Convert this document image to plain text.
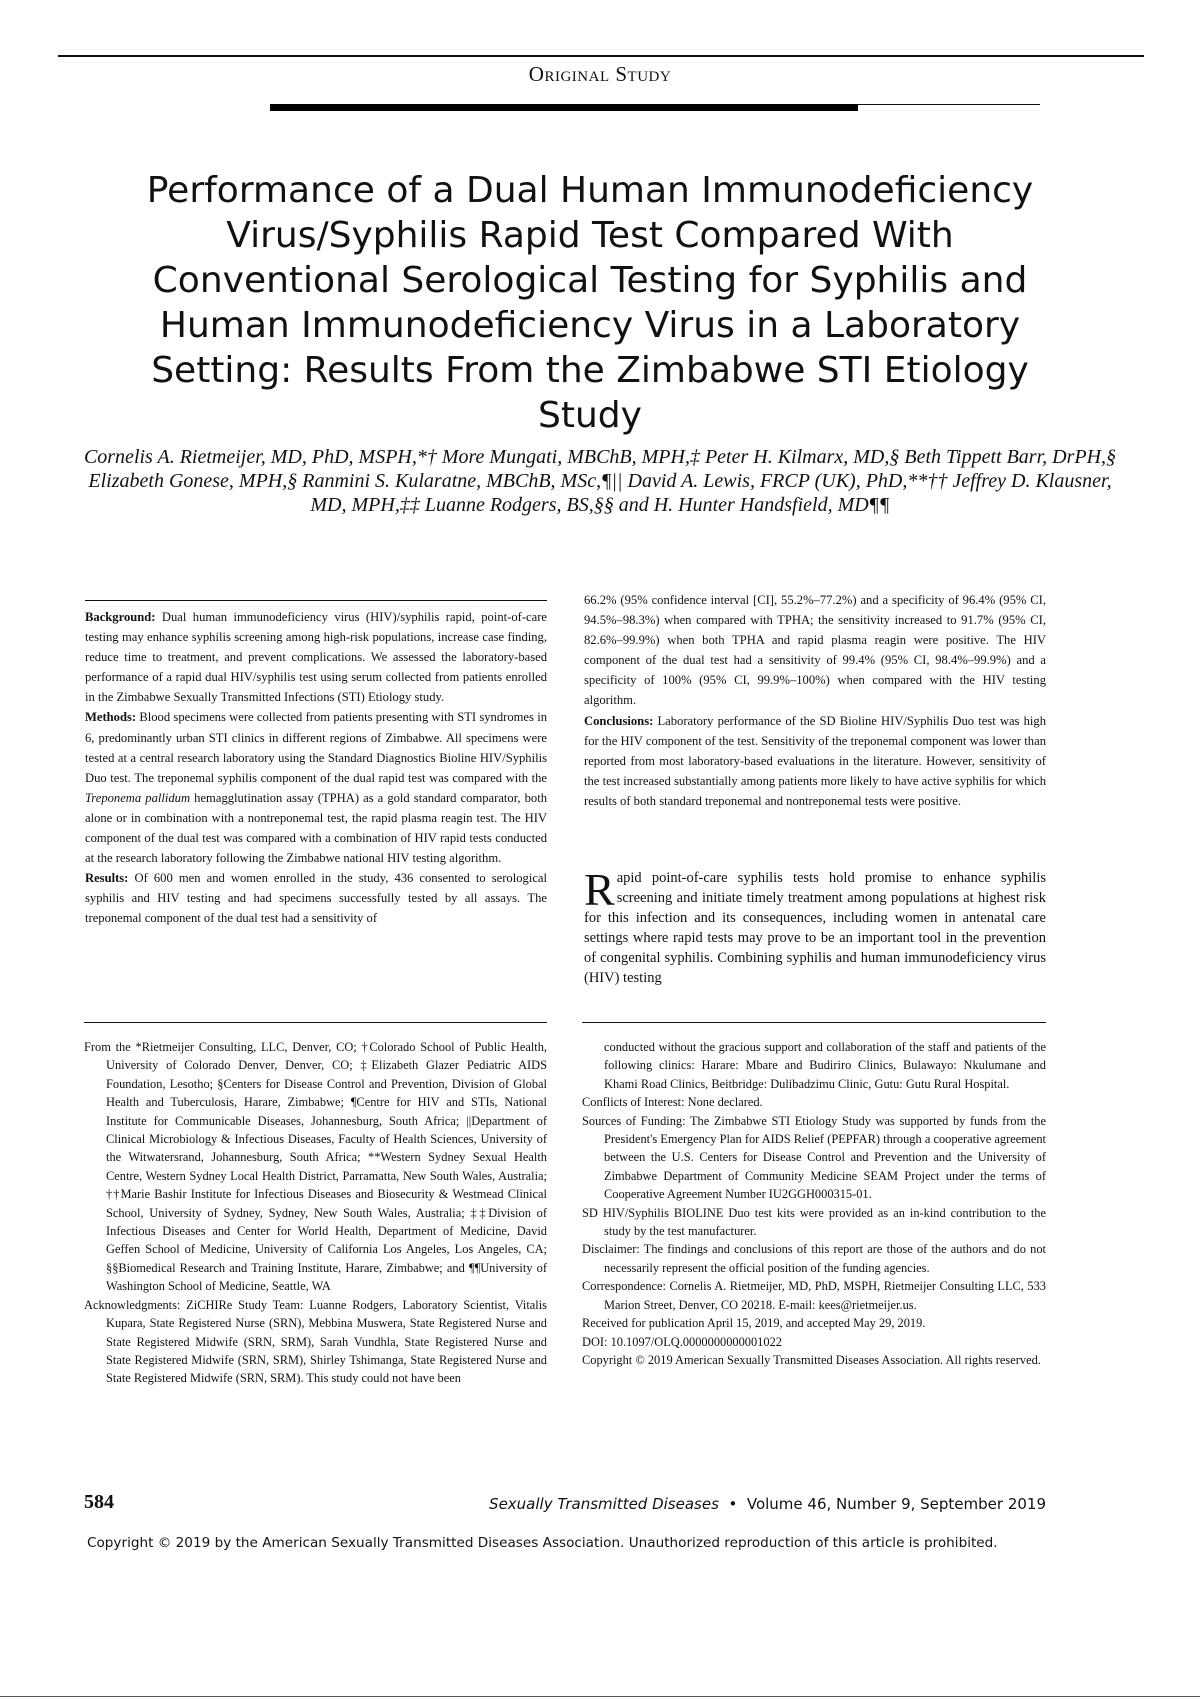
Original Study
Performance of a Dual Human Immunodeficiency Virus/Syphilis Rapid Test Compared With Conventional Serological Testing for Syphilis and Human Immunodeficiency Virus in a Laboratory Setting: Results From the Zimbabwe STI Etiology Study
Cornelis A. Rietmeijer, MD, PhD, MSPH,*† More Mungati, MBChB, MPH,‡ Peter H. Kilmarx, MD,§ Beth Tippett Barr, DrPH,§ Elizabeth Gonese, MPH,§ Ranmini S. Kularatne, MBChB, MSc,¶|| David A. Lewis, FRCP (UK), PhD,**†† Jeffrey D. Klausner, MD, MPH,‡‡ Luanne Rodgers, BS,§§ and H. Hunter Handsfield, MD¶¶

Background: Dual human immunodeficiency virus (HIV)/syphilis rapid, point-of-care testing may enhance syphilis screening among high-risk populations, increase case finding, reduce time to treatment, and prevent complications. We assessed the laboratory-based performance of a rapid dual HIV/syphilis test using serum collected from patients enrolled in the Zimbabwe Sexually Transmitted Infections (STI) Etiology study.

Methods: Blood specimens were collected from patients presenting with STI syndromes in 6, predominantly urban STI clinics in different regions of Zimbabwe. All specimens were tested at a central research laboratory using the Standard Diagnostics Bioline HIV/Syphilis Duo test. The treponemal syphilis component of the dual rapid test was compared with the Treponema pallidum hemagglutination assay (TPHA) as a gold standard comparator, both alone or in combination with a nontreponemal test, the rapid plasma reagin test. The HIV component of the dual test was compared with a combination of HIV rapid tests conducted at the research laboratory following the Zimbabwe national HIV testing algorithm.

Results: Of 600 men and women enrolled in the study, 436 consented to serological syphilis and HIV testing and had specimens successfully tested by all assays. The treponemal component of the dual test had a sensitivity of

66.2% (95% confidence interval [CI], 55.2%–77.2%) and a specificity of 96.4% (95% CI, 94.5%–98.3%) when compared with TPHA; the sensitivity increased to 91.7% (95% CI, 82.6%–99.9%) when both TPHA and rapid plasma reagin were positive. The HIV component of the dual test had a sensitivity of 99.4% (95% CI, 98.4%–99.9%) and a specificity of 100% (95% CI, 99.9%–100%) when compared with the HIV testing algorithm.

Conclusions: Laboratory performance of the SD Bioline HIV/Syphilis Duo test was high for the HIV component of the test. Sensitivity of the treponemal component was lower than reported from most laboratory-based evaluations in the literature. However, sensitivity of the test increased substantially among patients more likely to have active syphilis for which results of both standard treponemal and nontreponemal tests were positive.

Rapid point-of-care syphilis tests hold promise to enhance syphilis screening and initiate timely treatment among populations at highest risk for this infection and its consequences, including women in antenatal care settings where rapid tests may prove to be an important tool in the prevention of congenital syphilis. Combining syphilis and human immunodeficiency virus (HIV) testing

From the *Rietmeijer Consulting, LLC, Denver, CO; †Colorado School of Public Health, University of Colorado Denver, Denver, CO; ‡Elizabeth Glazer Pediatric AIDS Foundation, Lesotho; §Centers for Disease Control and Prevention, Division of Global Health and Tuberculosis, Harare, Zimbabwe; ¶Centre for HIV and STIs, National Institute for Communicable Diseases, Johannesburg, South Africa; ||Department of Clinical Microbiology & Infectious Diseases, Faculty of Health Sciences, University of the Witwatersrand, Johannesburg, South Africa; **Western Sydney Sexual Health Centre, Western Sydney Local Health District, Parramatta, New South Wales, Australia; ††Marie Bashir Institute for Infectious Diseases and Biosecurity & Westmead Clinical School, University of Sydney, Sydney, New South Wales, Australia; ‡‡Division of Infectious Diseases and Center for World Health, Department of Medicine, David Geffen School of Medicine, University of California Los Angeles, Los Angeles, CA; §§Biomedical Research and Training Institute, Harare, Zimbabwe; and ¶¶University of Washington School of Medicine, Seattle, WA

Acknowledgments: ZiCHIRe Study Team: Luanne Rodgers, Laboratory Scientist, Vitalis Kupara, State Registered Nurse (SRN), Mebbina Muswera, State Registered Nurse and State Registered Midwife (SRN, SRM), Sarah Vundhla, State Registered Nurse and State Registered Midwife (SRN, SRM), Shirley Tshimanga, State Registered Nurse and State Registered Midwife (SRN, SRM). This study could not have been

conducted without the gracious support and collaboration of the staff and patients of the following clinics: Harare: Mbare and Budiriro Clinics, Bulawayo: Nkulumane and Khami Road Clinics, Beitbridge: Dulibadzimu Clinic, Gutu: Gutu Rural Hospital.

Conflicts of Interest: None declared.

Sources of Funding: The Zimbabwe STI Etiology Study was supported by funds from the President's Emergency Plan for AIDS Relief (PEPFAR) through a cooperative agreement between the U.S. Centers for Disease Control and Prevention and the University of Zimbabwe Department of Community Medicine SEAM Project under the terms of Cooperative Agreement Number IU2GGH000315-01.

SD HIV/Syphilis BIOLINE Duo test kits were provided as an in-kind contribution to the study by the test manufacturer.

Disclaimer: The findings and conclusions of this report are those of the authors and do not necessarily represent the official position of the funding agencies.

Correspondence: Cornelis A. Rietmeijer, MD, PhD, MSPH, Rietmeijer Consulting LLC, 533 Marion Street, Denver, CO 20218. E-mail: kees@rietmeijer.us.

Received for publication April 15, 2019, and accepted May 29, 2019.

DOI: 10.1097/OLQ.0000000000001022

Copyright © 2019 American Sexually Transmitted Diseases Association. All rights reserved.

584	Sexually Transmitted Diseases • Volume 46, Number 9, September 2019
Copyright © 2019 by the American Sexually Transmitted Diseases Association. Unauthorized reproduction of this article is prohibited.
